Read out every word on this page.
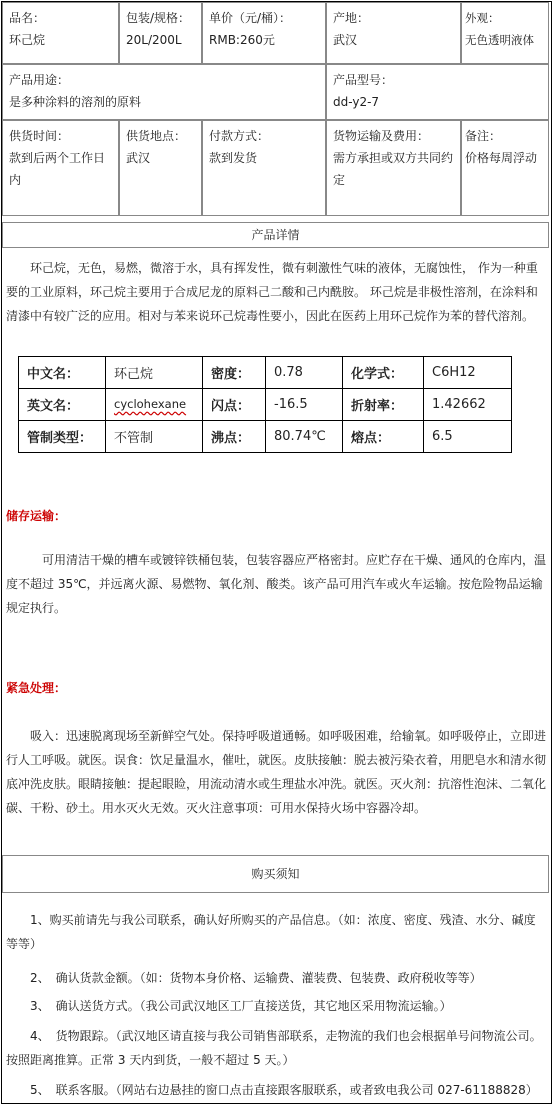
品名：
环己烷
包装/规格：
20L/200L
单价（元/桶）：
RMB:260元
产地：
武汉
外观：
无色透明液体
产品用途：
是多种涂料的溶剂的原料
产品型号：
dd-y2-7
供货时间：
款到后两个工作日内
供货地点：
武汉
付款方式：
款到发货
货物运输及费用：
需方承担或双方共同约定
备注：
价格每周浮动
产品详情
环己烷，无色，易燃，微溶于水，具有挥发性，微有刺激性气味的液体，无腐蚀性， 作为一种重要的工业原料，环己烷主要用于合成尼龙的原料己二酸和己内酰胺。 环己烷是非极性溶剂，在涂料和清漆中有较广泛的应用。相对与苯来说环己烷毒性要小，因此在医药上用环己烷作为苯的替代溶剂。
中文名：	环己烷	密度：	0.78	化学式：	C6H12
英文名：	cyclohexane	闪点：	-16.5	折射率：	1.42662
管制类型：	不管制	沸点：	80.74℃	熔点：	6.5
储存运输：
可用清洁干燥的槽车或镀锌铁桶包装，包装容器应严格密封。应贮存在干燥、通风的仓库内，温度不超过 35℃，并远离火源、易燃物、氧化剂、酸类。该产品可用汽车或火车运输。按危险物品运输规定执行。
紧急处理：
吸入：迅速脱离现场至新鲜空气处。保持呼吸道通畅。如呼吸困难，给输氧。如呼吸停止，立即进行人工呼吸。就医。误食：饮足量温水，催吐，就医。皮肤接触：脱去被污染衣着，用肥皂水和清水彻底冲洗皮肤。眼睛接触：提起眼睑，用流动清水或生理盐水冲洗。就医。灭火剂：抗溶性泡沫、二氧化碳、干粉、砂土。用水灭火无效。灭火注意事项：可用水保持火场中容器冷却。
购买须知
1、购买前请先与我公司联系，确认好所购买的产品信息。（如：浓度、密度、残渣、水分、碱度等等）
2、　确认货款金额。（如：货物本身价格、运输费、灌装费、包装费、政府税收等等）
3、　确认送货方式。（我公司武汉地区工厂直接送货，其它地区采用物流运输。）
4、　货物跟踪。（武汉地区请直接与我公司销售部联系，走物流的我们也会根据单号问物流公司。按照距离推算。正常 3 天内到货，一般不超过 5 天。）
5、　联系客服。（网站右边悬挂的窗口点击直接跟客服联系，或者致电我公司 027-61188828）
